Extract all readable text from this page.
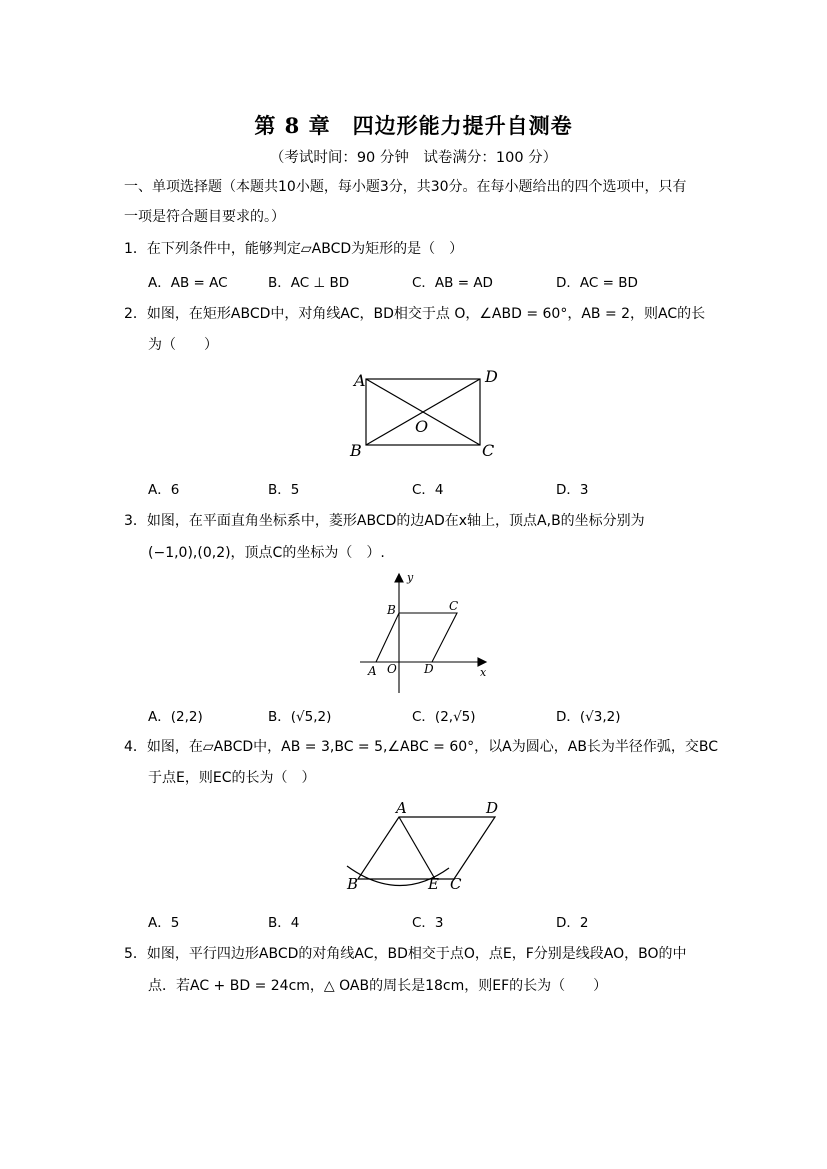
第 8 章　四边形能力提升自测卷
（考试时间：90 分钟　试卷满分：100 分）
一、单项选择题（本题共10小题，每小题3分，共30分。在每小题给出的四个选项中，只有
一项是符合题目要求的。）
1．在下列条件中，能够判定▱ABCD为矩形的是（　）
A．AB = AC	B．AC ⊥ BD	C．AB = AD	D．AC = BD
2．如图，在矩形ABCD中，对角线AC，BD相交于点 O，∠ABD = 60°，AB = 2，则AC的长
为（　　）
A	D
O
B	C
A．6	B．5	C．4	D．3
3．如图，在平面直角坐标系中，菱形ABCD的边AD在x轴上，顶点A,B的坐标分别为
(−1,0),(0,2)，顶点C的坐标为（　）.
y
B	C
A O D	x
A．(2,2)	B．(√5,2)	C．(2,√5)	D．(√3,2)
4．如图，在▱ABCD中，AB = 3,BC = 5,∠ABC = 60°，以A为圆心，AB长为半径作弧，交BC
于点E，则EC的长为（　）
A	D
B	E C
A．5	B．4	C．3	D．2
5．如图，平行四边形ABCD的对角线AC，BD相交于点O，点E，F分别是线段AO，BO的中
点．若AC + BD = 24cm，△ OAB的周长是18cm，则EF的长为（　　）
